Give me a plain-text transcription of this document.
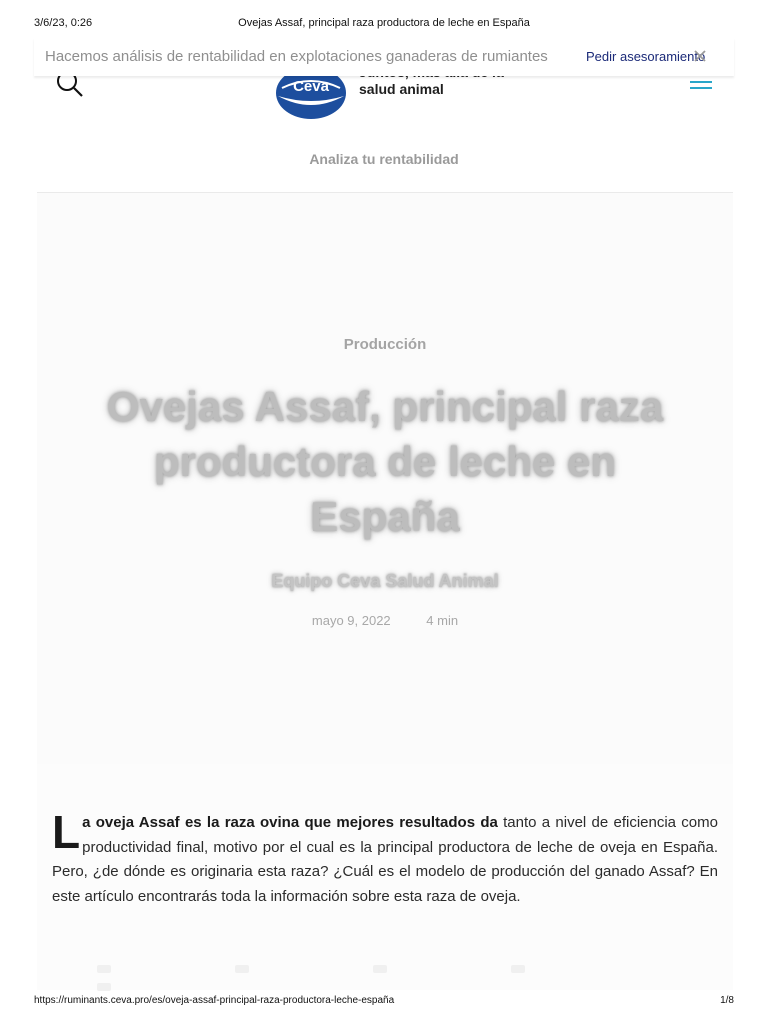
3/6/23, 0:26	Ovejas Assaf, principal raza productora de leche en España
Hacemos análisis de rentabilidad en explotaciones ganaderas de rumiantes	Pedir asesoramiento
Ceva salud animal
Analiza tu rentabilidad
Producción
Ovejas Assaf, principal raza productora de leche en España
Equipo Ceva Salud Animal
mayo 9, 2022	4 min

La oveja Assaf es la raza ovina que mejores resultados da tanto a nivel de eficiencia como productividad final, motivo por el cual es la principal productora de leche de oveja en España. Pero, ¿de dónde es originaria esta raza? ¿Cuál es el modelo de producción del ganado Assaf? En este artículo encontrarás toda la información sobre esta raza de oveja.

https://ruminants.ceva.pro/es/oveja-assaf-principal-raza-productora-leche-españa	1/8
